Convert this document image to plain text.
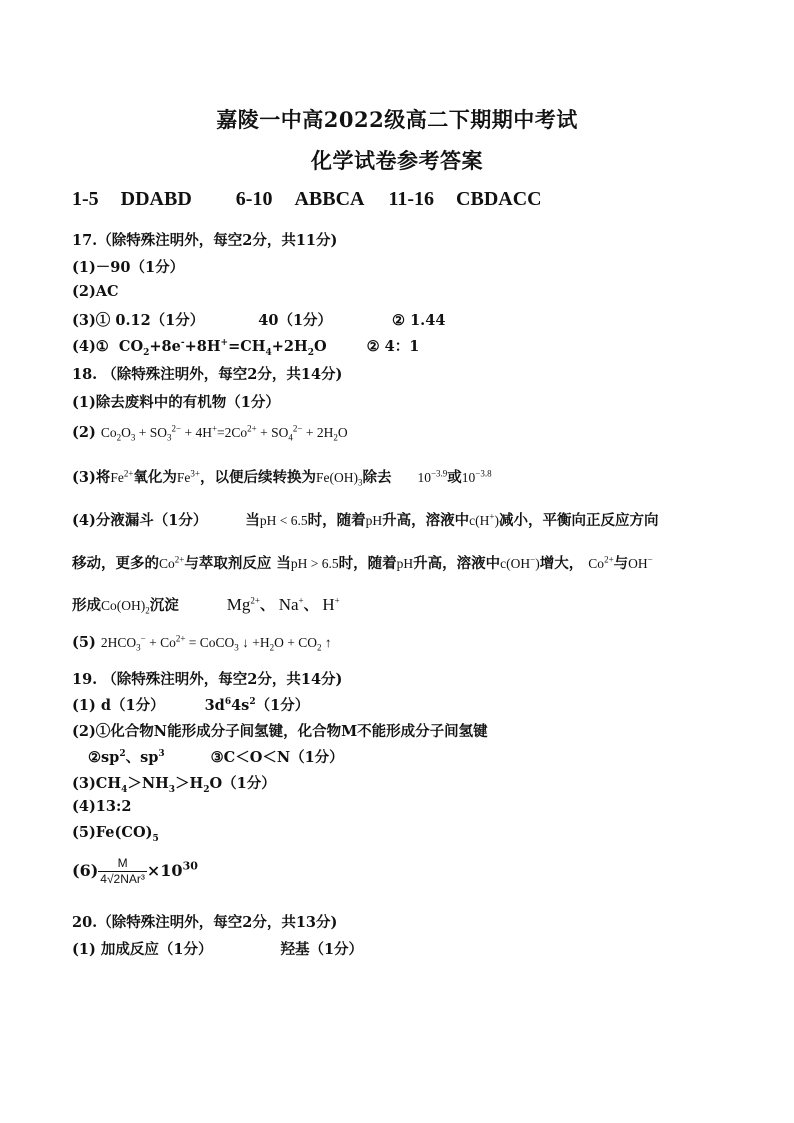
嘉陵一中高2022级高二下期期中考试
化学试卷参考答案
1-5 DDABD 6-10 ABBCA 11-16 CBDACC
17.（除特殊注明外，每空2分，共11分)
(1)－90（1分）
(2)AC
(3)① 0.12（1分）	40（1分）	② 1.44
(4)①  $CO_2+8e^-+8H^+=CH_4+2H_2O$	② 4：1
18. （除特殊注明外，每空2分，共14分)
(1)除去废料中的有机物（1分）
(2) $Co_2O_3 + SO_3^{2-} + 4H^+=2Co^{2+} + SO_4^{2-} + 2H_2O$
(3)将$Fe^{2+}$氧化为$Fe^{3+}$，以便后续转换为$Fe(OH)_3$除去 $10^{-3.9}$或$10^{-3.8}$
(4)分液漏斗（1分）	当pH < 6.5时，随着pH升高，溶液中c(H+)减小，平衡向正反应方向
移动，更多的$Co^{2+}$与萃取剂反应 当pH > 6.5时，随着pH升高，溶液中c(OH−)增大， $Co^{2+}$与OH−
形成$Co(OH)_2$沉淀	$Mg^{2+}$、 Na+、 H+
(5) $2HCO_3^- + Co^{2+}$ = CoCO$_3$ ↓ $+H_2O + CO_2$ ↑
19. （除特殊注明外，每空2分，共14分)
(1) d（1分）	$3d^64s^2(1$分）
(2)①化合物N能形成分子间氢键，化合物M不能形成分子间氢键
$②sp^2$、$sp^3$	③C＜O＜N（1分）
$(3)CH_4>NH_3>H_2O(1$分）
(4)13:2
$(5)Fe(CO)_5$
$(6) \frac{M}{\text{4√2NAr³}} \times 10^{30}$
20.（除特殊注明外，每空2分，共13分)
(1) 加成反应（1分）	羟基（1分）
